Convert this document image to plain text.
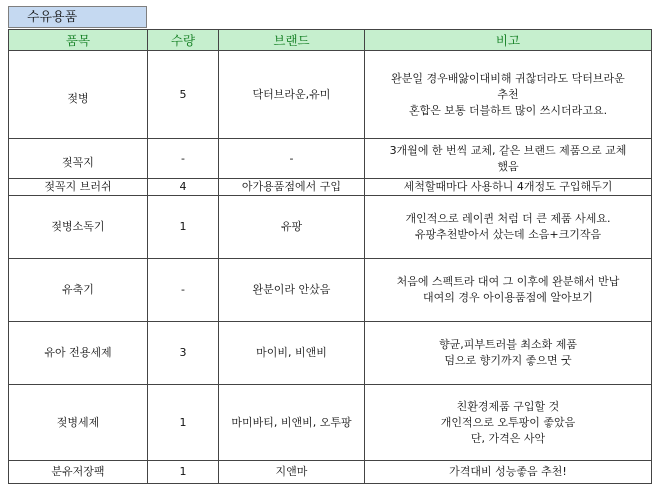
수유용품
품목	수량	브랜드	비고
젖병	5	닥터브라운,유미	완분일 경우배앓이대비해 귀찮더라도 닥터브라운
추천
혼합은 보통 더블하트 많이 쓰시더라고요.

젖꼭지	-	-	3개월에 한 번씩 교체, 같은 브랜드 제품으로 교체
했음

젖꼭지 브러쉬	4	아가용품점에서 구입	세척할때마다 사용하니 4개정도 구입해두기

젖병소독기	1	유팡	개인적으로 레이퀸 처럼 더 큰 제품 사세요.
유팡추천받아서 샀는데 소음+크기작음

유축기	-	완분이라 안샀음	처음에 스펙트라 대여 그 이후에 완분해서 반납
대여의 경우 아이용품점에 알아보기

유아 전용세제	3	마이비, 비앤비	향균,피부트러블 최소화 제품
덤으로 향기까지 좋으면 굿

젖병세제	1	마미바티, 비앤비, 오투팡	친환경제품 구입할 것
개인적으로 오투팡이 좋았음
단, 가격은 사악

분유저장팩	1	지앤마	가격대비 성능좋음 추천!
